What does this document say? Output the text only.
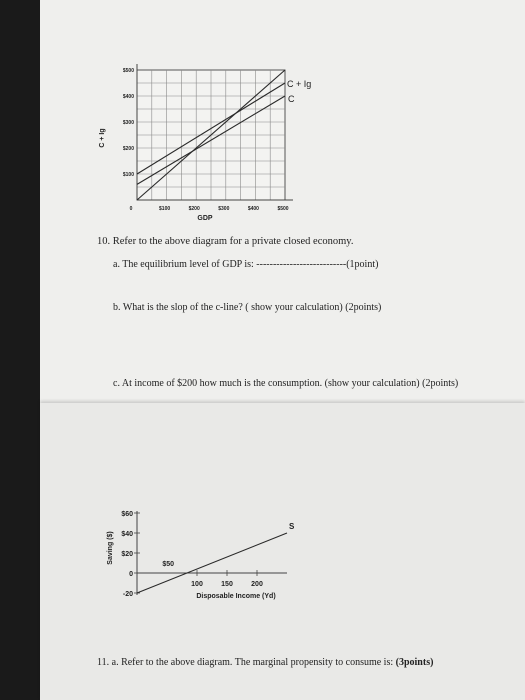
$100
$200
$300
$400
$500
0	$100	$200	$300	$400	$500
GDP
C + Ig
C + Ig
C
10. Refer to the above diagram for a private closed economy.
a. The equilibrium level of GDP is: ---------------------------(1point)
b. What is the slop of the c-line? ( show your calculation) (2points)
c. At income of $200 how much is the consumption. (show your calculation) (2points)
$60
$40
$20
0
-20
100	150	200
Disposable Income (Yd)
Saving ($)
S
$50
11. a. Refer to the above diagram. The marginal propensity to consume is: (3points)
